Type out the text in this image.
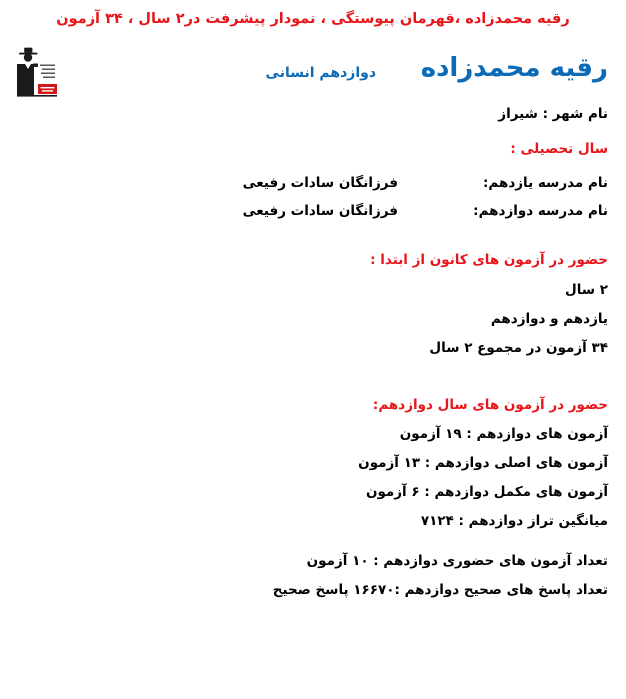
رقیه محمدزاده ،قهرمان پیوستگی ، نمودار پیشرفت در۲ سال ، ۳۴ آزمون
رقیه محمدزاده
دوازدهم انسانی
نام شهر : شیراز
سال تحصیلی :
نام مدرسه یازدهم:
فرزانگان سادات رفیعی
نام مدرسه دوازدهم:
فرزانگان سادات رفیعی
حضور در آزمون های کانون از ابتدا :
۲ سال
یازدهم و دوازدهم
۳۴ آزمون در مجموع ۲ سال
حضور در آزمون های سال دوازدهم:
آزمون های دوازدهم : ۱۹ آزمون
آزمون های اصلی دوازدهم : ۱۳ آزمون
آزمون های مکمل دوازدهم : ۶ آزمون
میانگین تراز دوازدهم : ۷۱۲۴
تعداد آزمون های حضوری دوازدهم : ۱۰ آزمون
تعداد پاسخ های صحیح دوازدهم :۱۶۶۷۰ پاسخ صحیح
